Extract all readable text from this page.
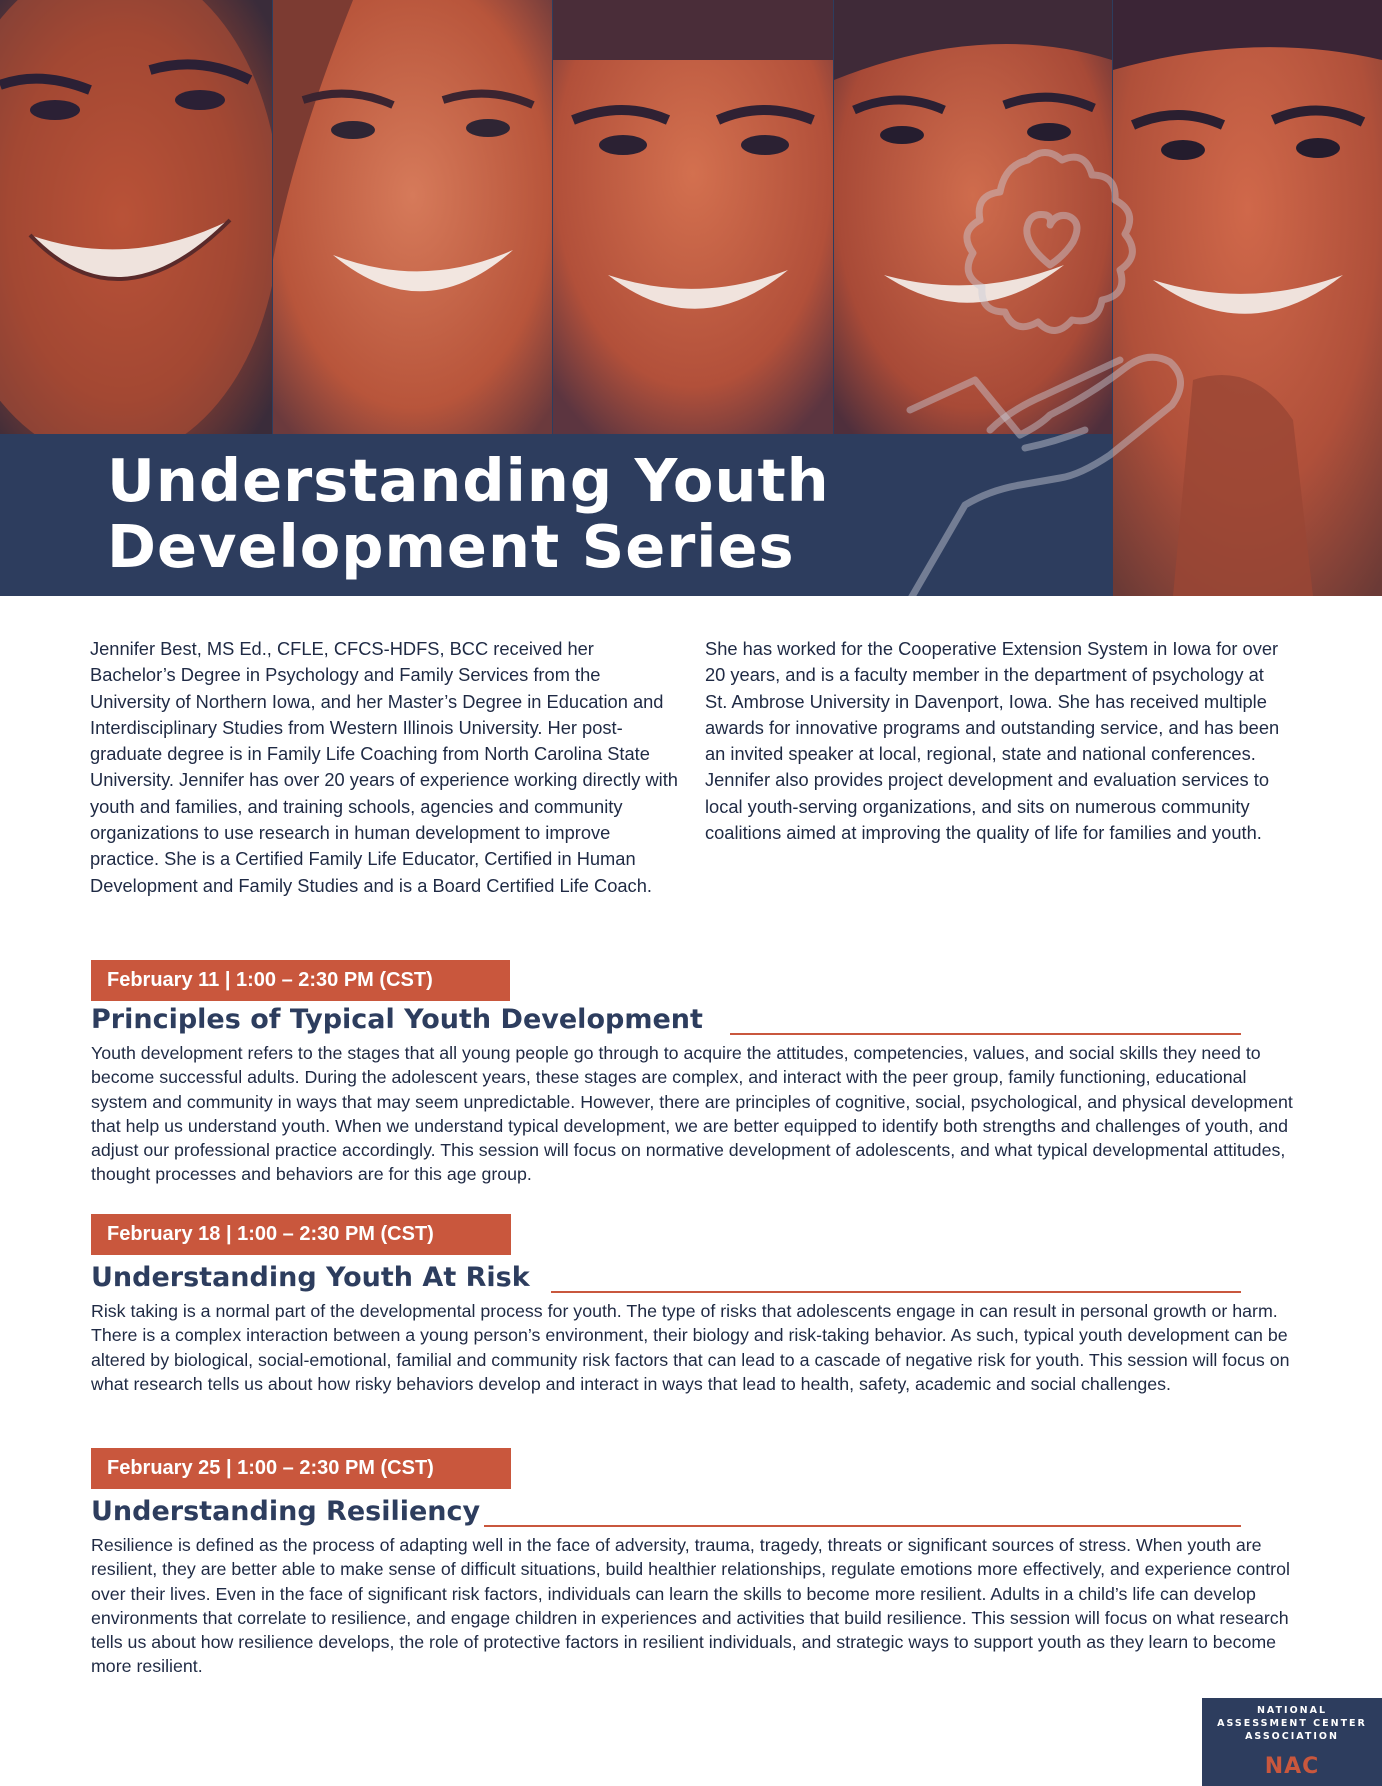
Understanding Youth
Development Series

Jennifer Best, MS Ed., CFLE, CFCS-HDFS, BCC received her Bachelor’s Degree in Psychology and Family Services from the University of Northern Iowa, and her Master’s Degree in Education and Interdisciplinary Studies from Western Illinois University. Her post-graduate degree is in Family Life Coaching from North Carolina State University. Jennifer has over 20 years of experience working directly with youth and families, and training schools, agencies and community organizations to use research in human development to improve practice. She is a Certified Family Life Educator, Certified in Human Development and Family Studies and is a Board Certified Life Coach.

She has worked for the Cooperative Extension System in Iowa for over 20 years, and is a faculty member in the department of psychology at St. Ambrose University in Davenport, Iowa. She has received multiple awards for innovative programs and outstanding service, and has been an invited speaker at local, regional, state and national conferences. Jennifer also provides project development and evaluation services to local youth-serving organizations, and sits on numerous community coalitions aimed at improving the quality of life for families and youth.

February 11 | 1:00 – 2:30 PM (CST)
Principles of Typical Youth Development

Youth development refers to the stages that all young people go through to acquire the attitudes, competencies, values, and social skills they need to become successful adults. During the adolescent years, these stages are complex, and interact with the peer group, family functioning, educational system and community in ways that may seem unpredictable. However, there are principles of cognitive, social, psychological, and physical development that help us understand youth. When we understand typical development, we are better equipped to identify both strengths and challenges of youth, and adjust our professional practice accordingly. This session will focus on normative development of adolescents, and what typical developmental attitudes, thought processes and behaviors are for this age group.

February 18 | 1:00 – 2:30 PM (CST)
Understanding Youth At Risk

Risk taking is a normal part of the developmental process for youth. The type of risks that adolescents engage in can result in personal growth or harm. There is a complex interaction between a young person’s environment, their biology and risk-taking behavior. As such, typical youth development can be altered by biological, social-emotional, familial and community risk factors that can lead to a cascade of negative risk for youth. This session will focus on what research tells us about how risky behaviors develop and interact in ways that lead to health, safety, academic and social challenges.

February 25 | 1:00 – 2:30 PM (CST)
Understanding Resiliency

Resilience is defined as the process of adapting well in the face of adversity, trauma, tragedy, threats or significant sources of stress. When youth are resilient, they are better able to make sense of difficult situations, build healthier relationships, regulate emotions more effectively, and experience control over their lives. Even in the face of significant risk factors, individuals can learn the skills to become more resilient. Adults in a child’s life can develop environments that correlate to resilience, and engage children in experiences and activities that build resilience. This session will focus on what research tells us about how resilience develops, the role of protective factors in resilient individuals, and strategic ways to support youth as they learn to become more resilient.

NATIONAL
ASSESSMENT CENTER
ASSOCIATION

NAC
